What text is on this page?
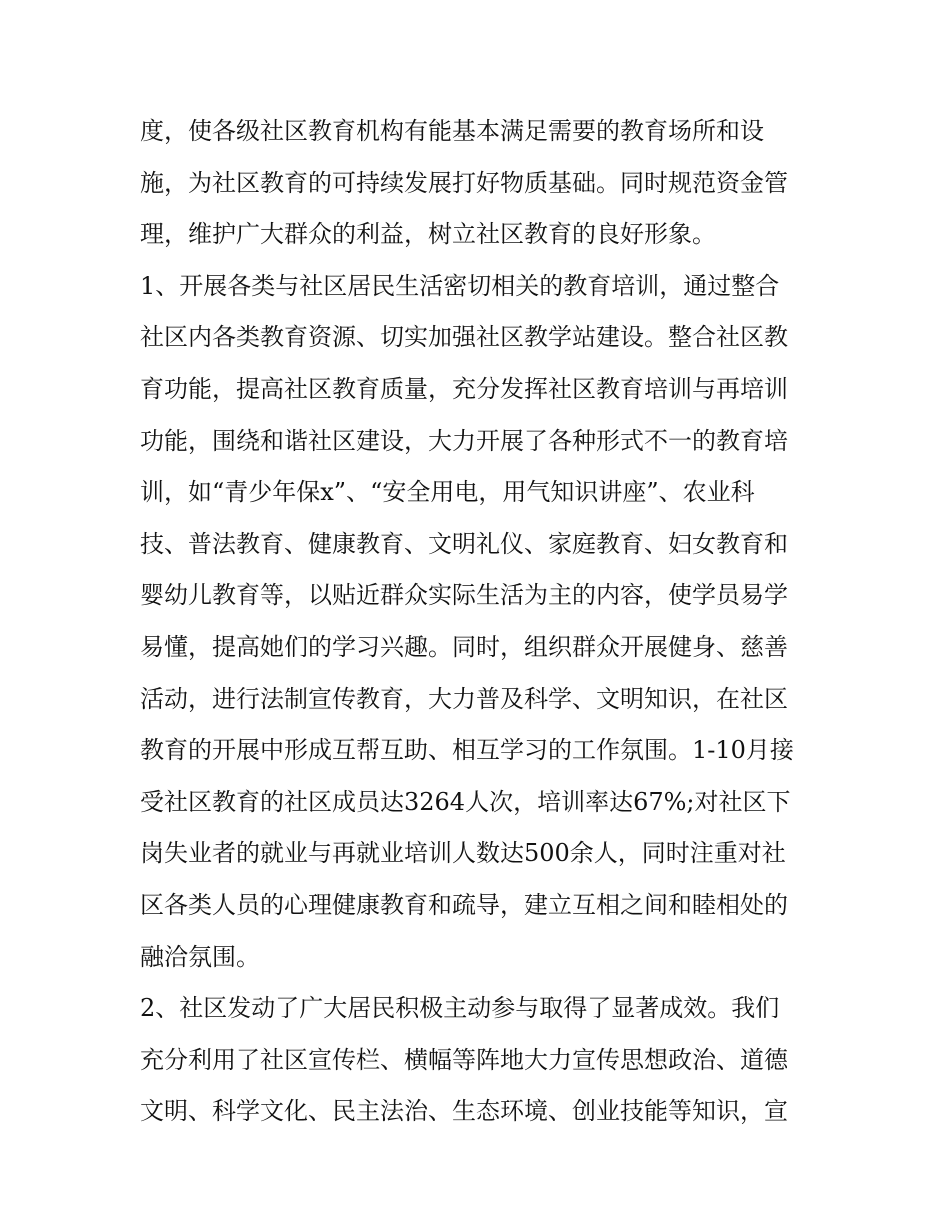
度，使各级社区教育机构有能基本满足需要的教育场所和设
施，为社区教育的可持续发展打好物质基础。同时规范资金管
理，维护广大群众的利益，树立社区教育的良好形象。
1、开展各类与社区居民生活密切相关的教育培训，通过整合
社区内各类教育资源、切实加强社区教学站建设。整合社区教
育功能，提高社区教育质量，充分发挥社区教育培训与再培训
功能，围绕和谐社区建设，大力开展了各种形式不一的教育培
训，如“青少年保x”、“安全用电，用气知识讲座”、农业科
技、普法教育、健康教育、文明礼仪、家庭教育、妇女教育和
婴幼儿教育等，以贴近群众实际生活为主的内容，使学员易学
易懂，提高她们的学习兴趣。同时，组织群众开展健身、慈善
活动，进行法制宣传教育，大力普及科学、文明知识，在社区
教育的开展中形成互帮互助、相互学习的工作氛围。1-10月接
受社区教育的社区成员达3264人次，培训率达67%;对社区下
岗失业者的就业与再就业培训人数达500余人，同时注重对社
区各类人员的心理健康教育和疏导，建立互相之间和睦相处的
融洽氛围。
2、社区发动了广大居民积极主动参与取得了显著成效。我们
充分利用了社区宣传栏、横幅等阵地大力宣传思想政治、道德
文明、科学文化、民主法治、生态环境、创业技能等知识，宣
